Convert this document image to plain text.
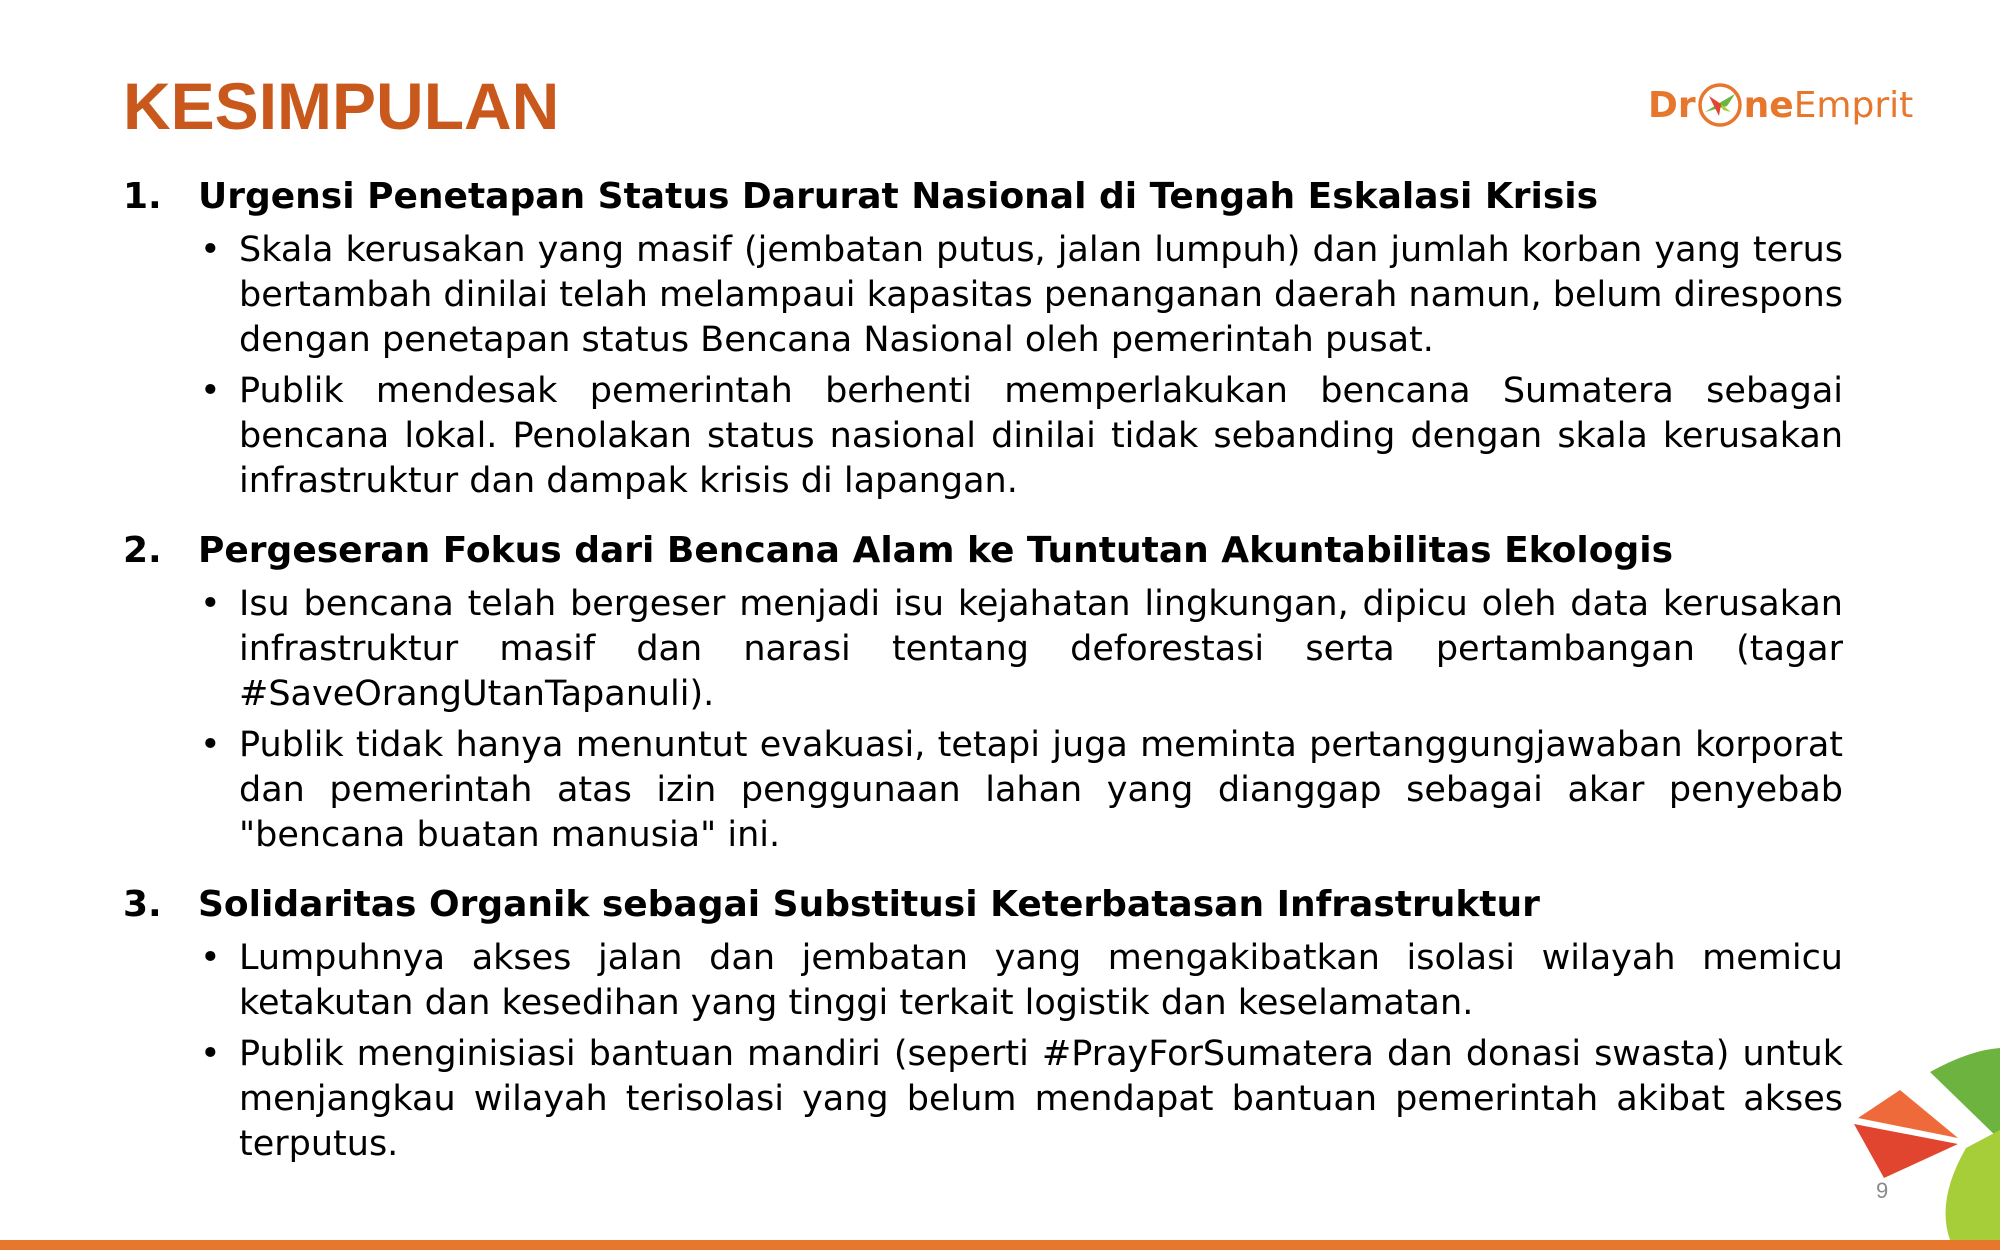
KESIMPULAN	Dr ne Emprit
1.	Urgensi Penetapan Status Darurat Nasional di Tengah Eskalasi Krisis
• Skala kerusakan yang masif (jembatan putus, jalan lumpuh) dan jumlah korban yang terus bertambah dinilai telah melampaui kapasitas penanganan daerah namun, belum direspons dengan penetapan status Bencana Nasional oleh pemerintah pusat.
• Publik mendesak pemerintah berhenti memperlakukan bencana Sumatera sebagai bencana lokal. Penolakan status nasional dinilai tidak sebanding dengan skala kerusakan infrastruktur dan dampak krisis di lapangan.
2.	Pergeseran Fokus dari Bencana Alam ke Tuntutan Akuntabilitas Ekologis
• Isu bencana telah bergeser menjadi isu kejahatan lingkungan, dipicu oleh data kerusakan infrastruktur masif dan narasi tentang deforestasi serta pertambangan (tagar #SaveOrangUtanTapanuli).
• Publik tidak hanya menuntut evakuasi, tetapi juga meminta pertanggungjawaban korporat dan pemerintah atas izin penggunaan lahan yang dianggap sebagai akar penyebab "bencana buatan manusia" ini.
3.	Solidaritas Organik sebagai Substitusi Keterbatasan Infrastruktur
• Lumpuhnya akses jalan dan jembatan yang mengakibatkan isolasi wilayah memicu ketakutan dan kesedihan yang tinggi terkait logistik dan keselamatan.
• Publik menginisiasi bantuan mandiri (seperti #PrayForSumatera dan donasi swasta) untuk menjangkau wilayah terisolasi yang belum mendapat bantuan pemerintah akibat akses terputus.
9
